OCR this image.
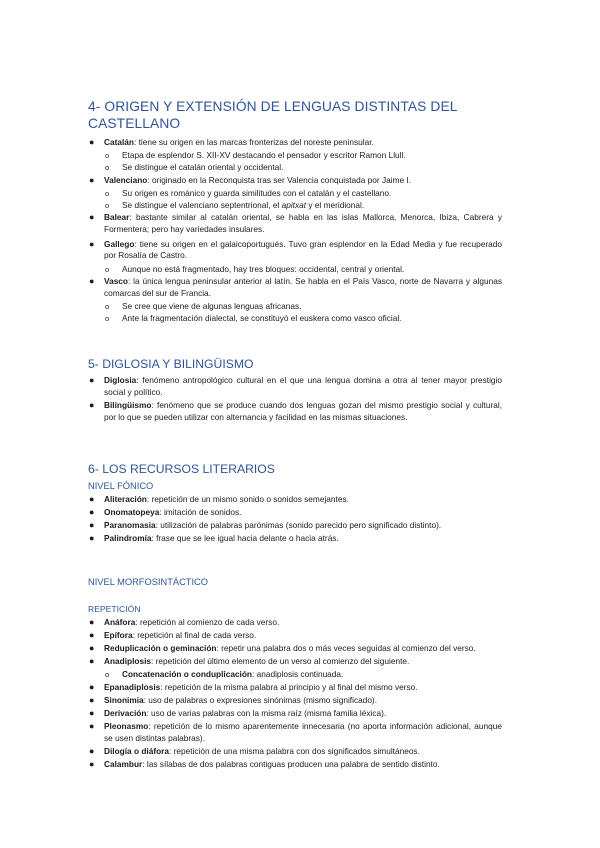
4- ORIGEN Y EXTENSIÓN DE LENGUAS DISTINTAS DEL CASTELLANO
● Catalán: tiene su origen en las marcas fronterizas del noreste peninsular.
o Etapa de esplendor S. XII-XV destacando el pensador y escritor Ramon Llull.
o Se distingue el catalán oriental y occidental.
● Valenciano: originado en la Reconquista tras ser Valencia conquistada por Jaime I.
o Su origen es románico y guarda similitudes con el catalán y el castellano.
o Se distingue el valenciano septentrional, el apitxat y el meridional.
● Balear: bastante similar al catalán oriental, se habla en las islas Mallorca, Menorca, Ibiza, Cabrera y Formentera; pero hay variedades insulares.
● Gallego: tiene su origen en el galaicoportugués. Tuvo gran esplendor en la Edad Media y fue recuperado por Rosalía de Castro.
o Aunque no está fragmentado, hay tres bloques: occidental, central y oriental.
● Vasco: la única lengua peninsular anterior al latín. Se habla en el País Vasco, norte de Navarra y algunas comarcas del sur de Francia.
o Se cree que viene de algunas lenguas africanas.
o Ante la fragmentación dialectal, se constituyó el euskera como vasco oficial.
5- DIGLOSIA Y BILINGÜISMO
● Diglosia: fenómeno antropológico cultural en el que una lengua domina a otra al tener mayor prestigio social y político.
● Bilingüismo: fenómeno que se produce cuando dos lenguas gozan del mismo prestigio social y cultural, por lo que se pueden utilizar con alternancia y facilidad en las mismas situaciones.
6- LOS RECURSOS LITERARIOS
NIVEL FÓNICO
● Aliteración: repetición de un mismo sonido o sonidos semejantes.
● Onomatopeya: imitación de sonidos.
● Paranomasia: utilización de palabras parónimas (sonido parecido pero significado distinto).
● Palindromía: frase que se lee igual hacia delante o hacia atrás.
NIVEL MORFOSINTÁCTICO
REPETICIÓN
● Anáfora: repetición al comienzo de cada verso.
● Epífora: repetición al final de cada verso.
● Reduplicación o geminación: repetir una palabra dos o más veces seguidas al comienzo del verso.
● Anadiplosis: repetición del último elemento de un verso al comienzo del siguiente.
o Concatenación o conduplicación: anadiplosis continuada.
● Epanadiplosis: repetición de la misma palabra al principio y al final del mismo verso.
● Sinonimia: uso de palabras o expresiones sinónimas (mismo significado).
● Derivación: uso de varias palabras con la misma raíz (misma familia léxica).
● Pleonasmo: repetición de lo mismo aparentemente innecesaria (no aporta información adicional, aunque se usen distintas palabras).
● Dilogía o diáfora: repetición de una misma palabra con dos significados simultáneos.
● Calambur: las sílabas de dos palabras contiguas producen una palabra de sentido distinto.
